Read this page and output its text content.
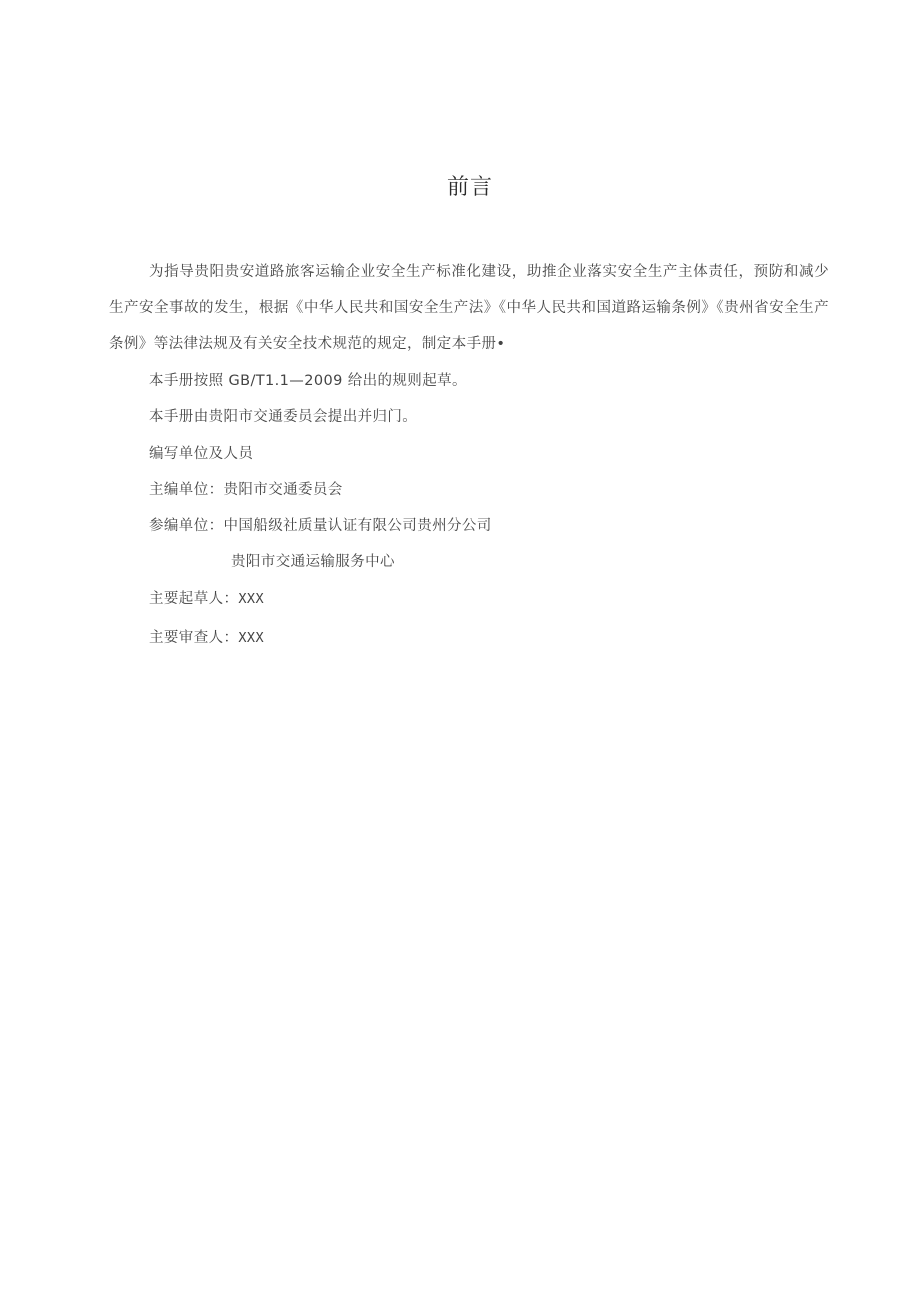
前言
为指导贵阳贵安道路旅客运输企业安全生产标准化建设，助推企业落实安全生产主体责任，预防和减少生产安全事故的发生，根据《中华人民共和国安全生产法》《中华人民共和国道路运输条例》《贵州省安全生产条例》等法律法规及有关安全技术规范的规定，制定本手册•
本手册按照 GB/T1.1—2009 给出的规则起草。
本手册由贵阳市交通委员会提出并归门。
编写单位及人员
主编单位：贵阳市交通委员会
参编单位：中国船级社质量认证有限公司贵州分公司
贵阳市交通运输服务中心
主要起草人：XXX
主要审查人：XXX
